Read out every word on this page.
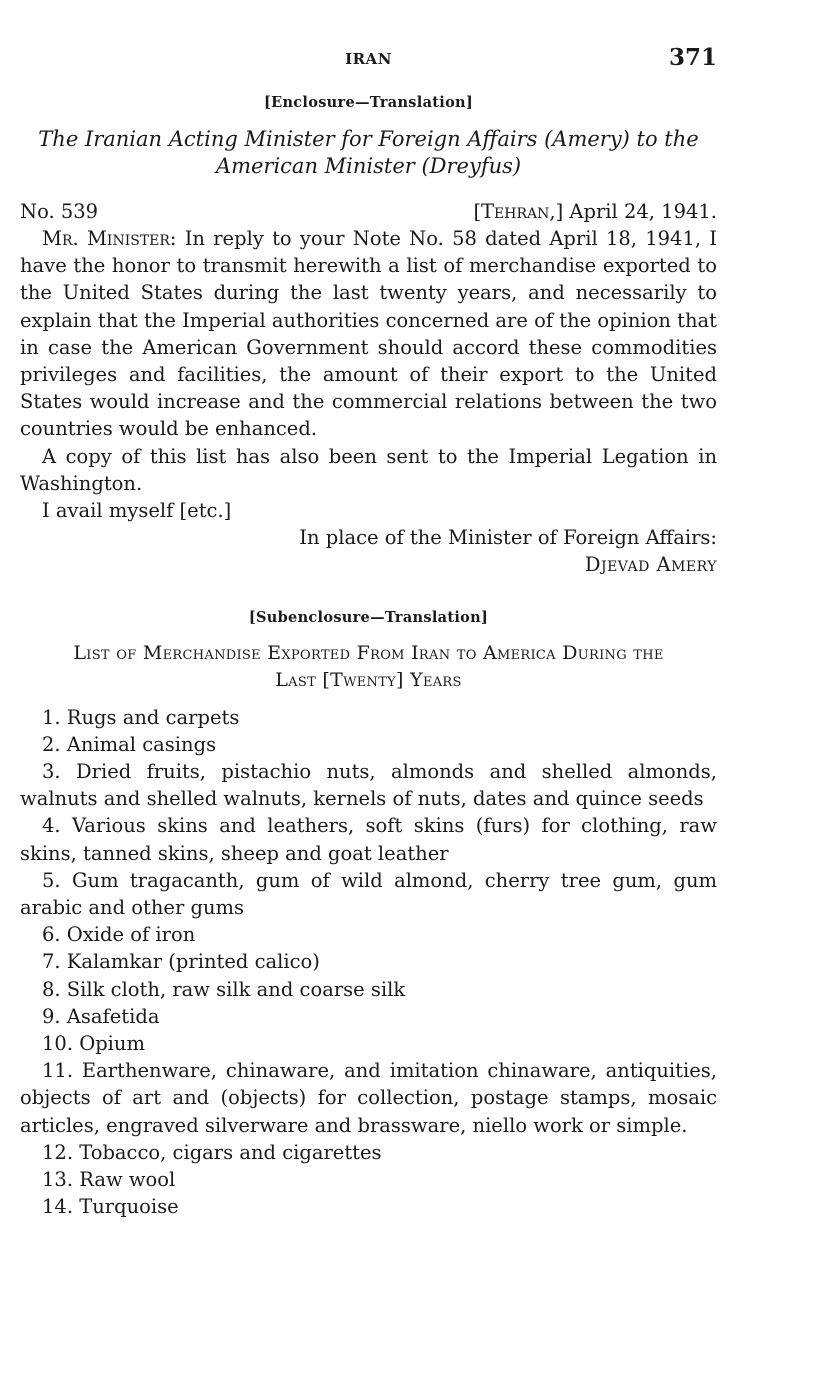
IRAN	371
[Enclosure—Translation]
The Iranian Acting Minister for Foreign Affairs (Amery) to the
American Minister (Dreyfus)
No. 539	[Tehran,] April 24, 1941.

Mr. Minister: In reply to your Note No. 58 dated April 18, 1941, I have the honor to transmit herewith a list of merchandise exported to the United States during the last twenty years, and necessarily to explain that the Imperial authorities concerned are of the opinion that in case the American Government should accord these commodities privileges and facilities, the amount of their export to the United States would increase and the commercial relations between the two countries would be enhanced.

A copy of this list has also been sent to the Imperial Legation in Washington.

I avail myself [etc.]

In place of the Minister of Foreign Affairs:

Djevad Amery

[Subenclosure—Translation]
List of Merchandise Exported From Iran to America During the
Last [Twenty] Years

1. Rugs and carpets

2. Animal casings

3. Dried fruits, pistachio nuts, almonds and shelled almonds, walnuts and shelled walnuts, kernels of nuts, dates and quince seeds

4. Various skins and leathers, soft skins (furs) for clothing, raw skins, tanned skins, sheep and goat leather

5. Gum tragacanth, gum of wild almond, cherry tree gum, gum arabic and other gums

6. Oxide of iron

7. Kalamkar (printed calico)

8. Silk cloth, raw silk and coarse silk

9. Asafetida

10. Opium

11. Earthenware, chinaware, and imitation chinaware, antiquities, objects of art and (objects) for collection, postage stamps, mosaic articles, engraved silverware and brassware, niello work or simple.

12. Tobacco, cigars and cigarettes

13. Raw wool

14. Turquoise
